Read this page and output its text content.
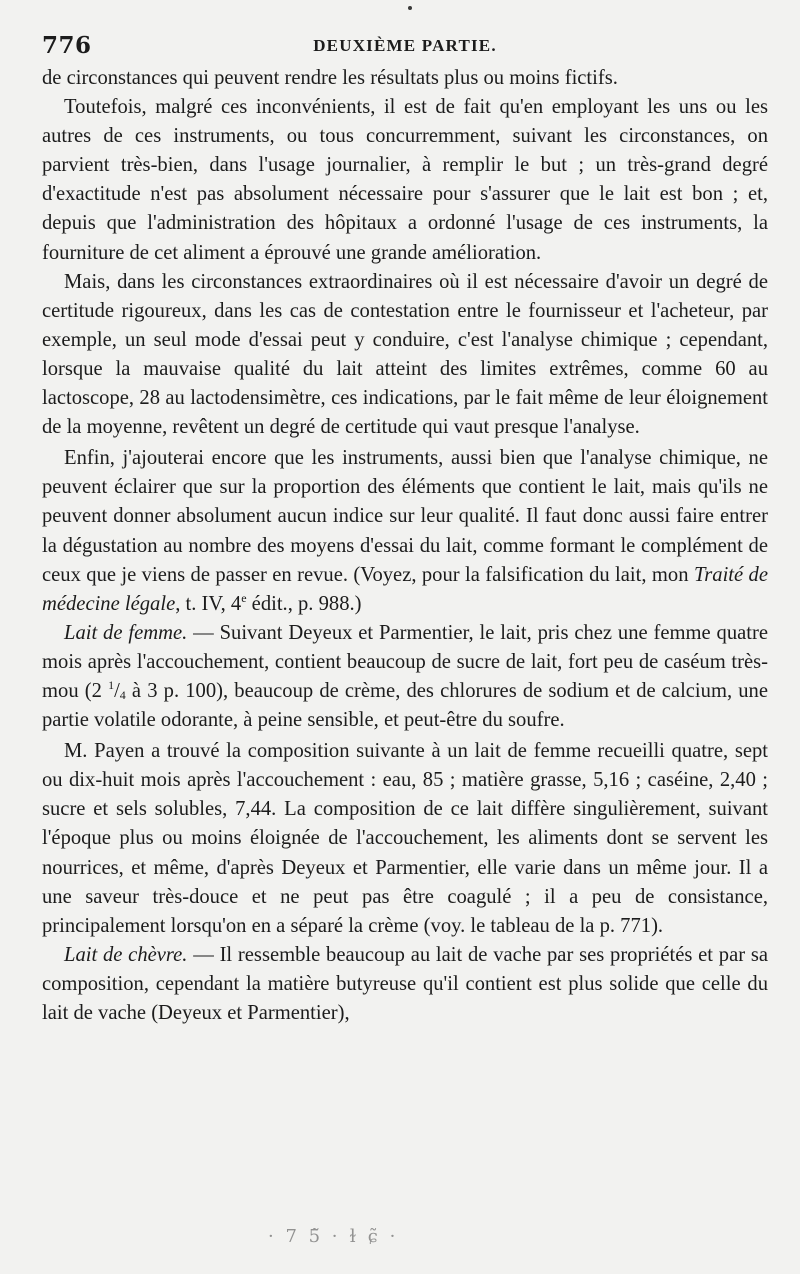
776	DEUXIÈME PARTIE.

de circonstances qui peuvent rendre les résultats plus ou moins fictifs.

Toutefois, malgré ces inconvénients, il est de fait qu'en employant les uns ou les autres de ces instruments, ou tous concurremment, suivant les circonstances, on parvient très-bien, dans l'usage journalier, à remplir le but ; un très-grand degré d'exactitude n'est pas absolument nécessaire pour s'assurer que le lait est bon ; et, depuis que l'administration des hôpitaux a ordonné l'usage de ces instruments, la fourniture de cet aliment a éprouvé une grande amélioration.

Mais, dans les circonstances extraordinaires où il est nécessaire d'avoir un degré de certitude rigoureux, dans les cas de contestation entre le fournisseur et l'acheteur, par exemple, un seul mode d'essai peut y conduire, c'est l'analyse chimique ; cependant, lorsque la mauvaise qualité du lait atteint des limites extrêmes, comme 60 au lactoscope, 28 au lactodensimètre, ces indications, par le fait même de leur éloignement de la moyenne, revêtent un degré de certitude qui vaut presque l'analyse.

Enfin, j'ajouterai encore que les instruments, aussi bien que l'analyse chimique, ne peuvent éclairer que sur la proportion des éléments que contient le lait, mais qu'ils ne peuvent donner absolument aucun indice sur leur qualité. Il faut donc aussi faire entrer la dégustation au nombre des moyens d'essai du lait, comme formant le complément de ceux que je viens de passer en revue. (Voyez, pour la falsification du lait, mon Traité de médecine légale, t. IV, 4e édit., p. 988.)

Lait de femme. — Suivant Deyeux et Parmentier, le lait, pris chez une femme quatre mois après l'accouchement, contient beaucoup de sucre de lait, fort peu de caséum très-mou (2 $^1/_4$ à 3 p. 100), beaucoup de crème, des chlorures de sodium et de calcium, une partie volatile odorante, à peine sensible, et peut-être du soufre.

M. Payen a trouvé la composition suivante à un lait de femme recueilli quatre, sept ou dix-huit mois après l'accouchement : eau, 85 ; matière grasse, 5,16 ; caséine, 2,40 ; sucre et sels solubles, 7,44. La composition de ce lait diffère singulièrement, suivant l'époque plus ou moins éloignée de l'accouchement, les aliments dont se servent les nourrices, et même, d'après Deyeux et Parmentier, elle varie dans un même jour. Il a une saveur très-douce et ne peut pas être coagulé ; il a peu de consistance, principalement lorsqu'on en a séparé la crème (voy. le tableau de la p. 771).

Lait de chèvre. — Il ressemble beaucoup au lait de vache par ses propriétés et par sa composition, cependant la matière butyreuse qu'il contient est plus solide que celle du lait de vache (Deyeux et Parmentier),

· 7 5̃ · ɫ ɕ̃ ·
